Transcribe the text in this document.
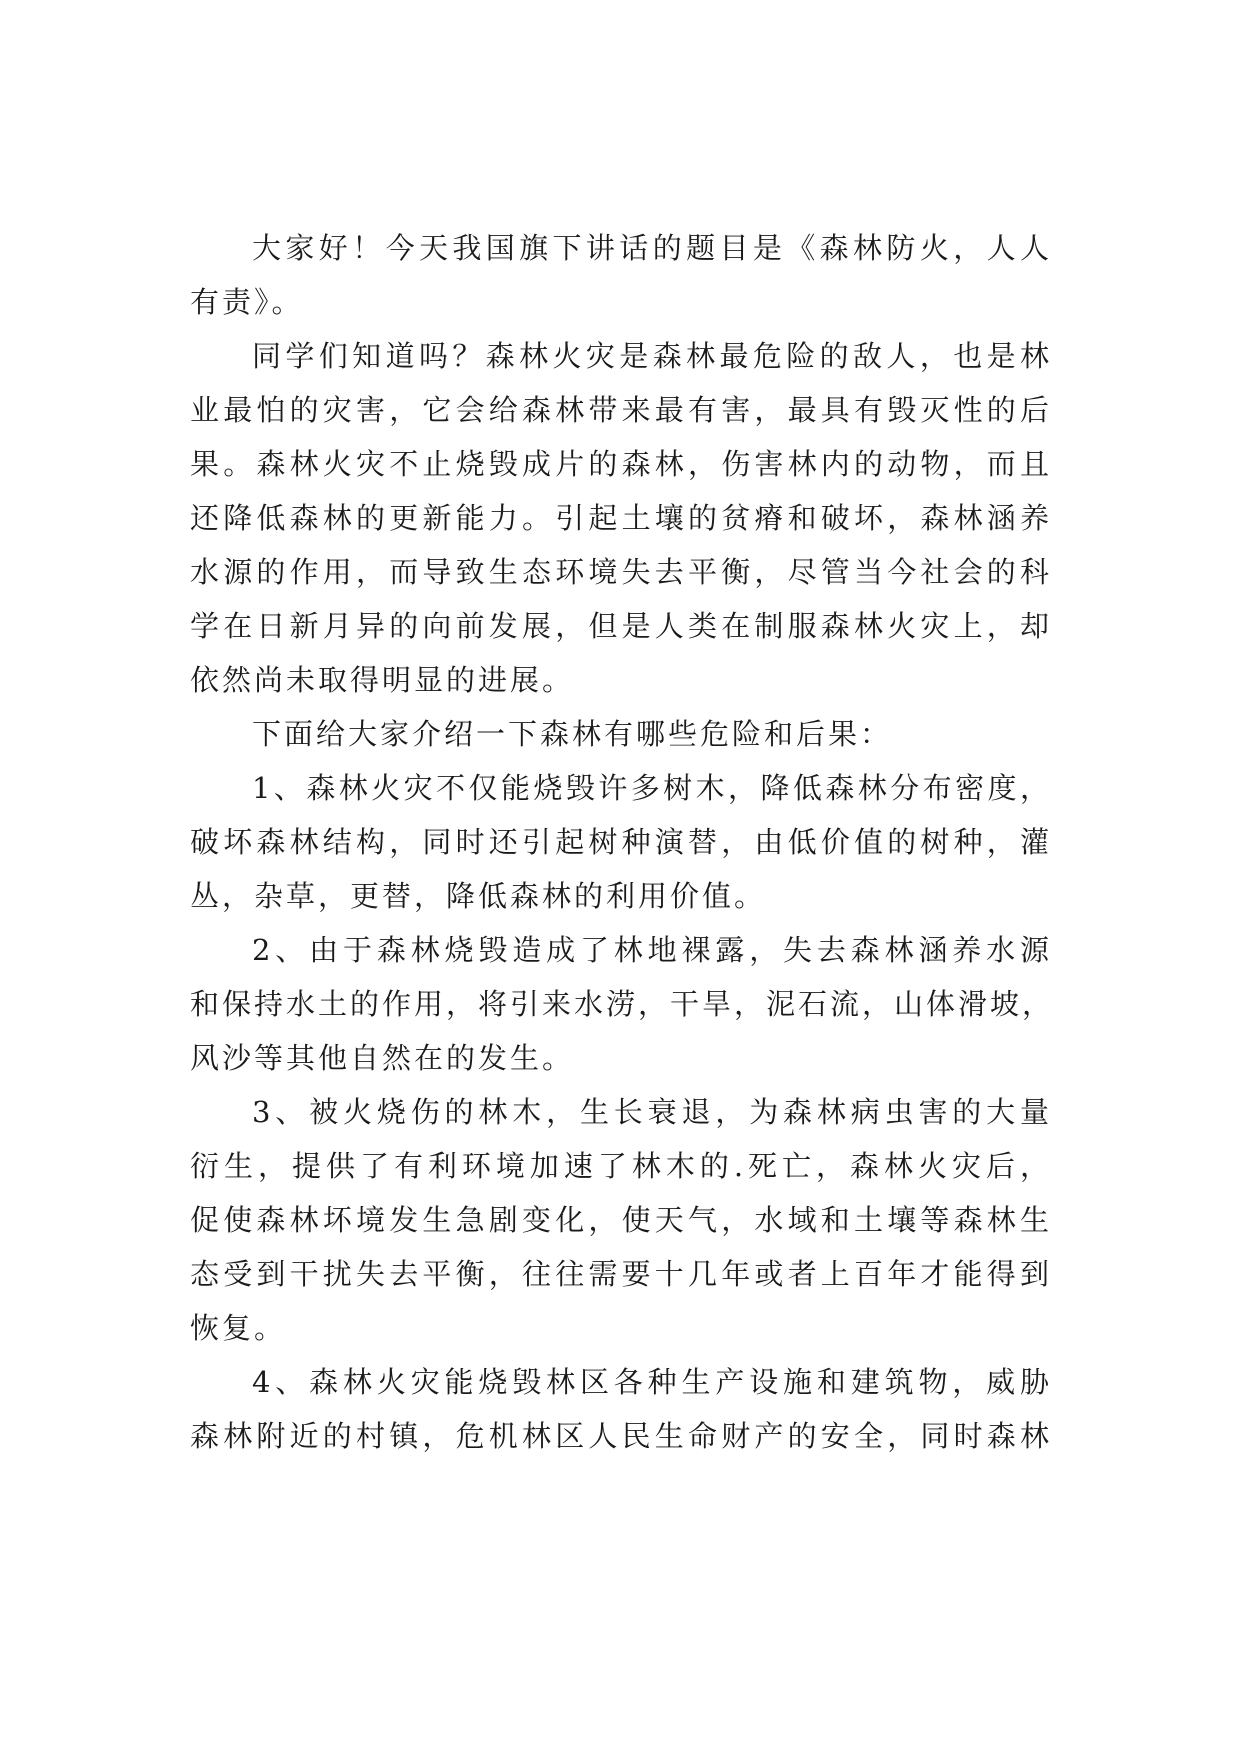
大家好！今天我国旗下讲话的题目是《森林防火，人人
有责》。

同学们知道吗？森林火灾是森林最危险的敌人，也是林
业最怕的灾害，它会给森林带来最有害，最具有毁灭性的后
果。森林火灾不止烧毁成片的森林，伤害林内的动物，而且
还降低森林的更新能力。引起土壤的贫瘠和破坏，森林涵养
水源的作用，而导致生态环境失去平衡，尽管当今社会的科
学在日新月异的向前发展，但是人类在制服森林火灾上，却
依然尚未取得明显的进展。

下面给大家介绍一下森林有哪些危险和后果：

1、森林火灾不仅能烧毁许多树木，降低森林分布密度，
破坏森林结构，同时还引起树种演替，由低价值的树种，灌
丛，杂草，更替，降低森林的利用价值。

2、由于森林烧毁造成了林地裸露，失去森林涵养水源
和保持水土的作用，将引来水涝，干旱，泥石流，山体滑坡，
风沙等其他自然在的发生。

3、被火烧伤的林木，生长衰退，为森林病虫害的大量
衍生，提供了有利环境加速了林木的.死亡，森林火灾后，
促使森林坏境发生急剧变化，使天气，水域和土壤等森林生
态受到干扰失去平衡，往往需要十几年或者上百年才能得到
恢复。

4、森林火灾能烧毁林区各种生产设施和建筑物，威胁
森林附近的村镇，危机林区人民生命财产的安全，同时森林
